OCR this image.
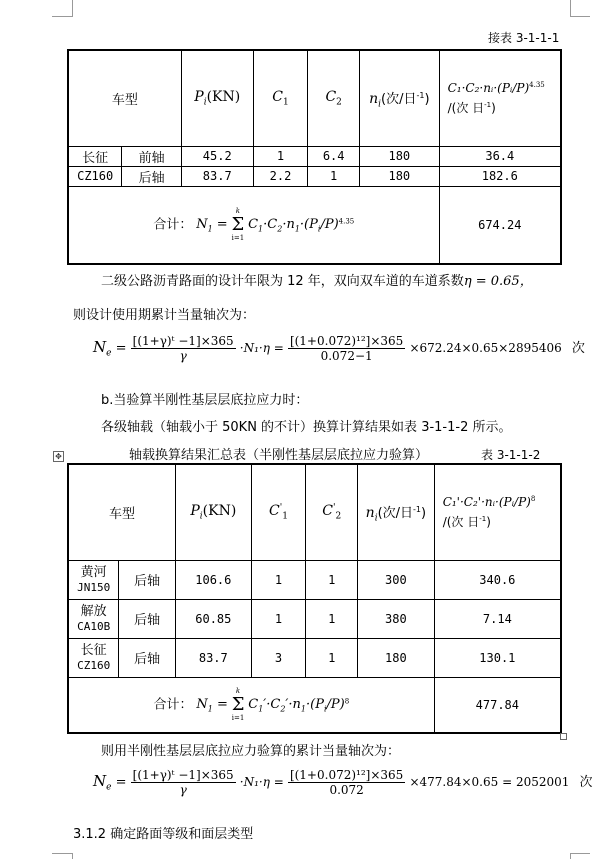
接表 3-1-1-1
车型		$P_i(KN)$	$C_1$	$C_2$	$n_i$(次/日$^{-1}$)	C₁·C₂·nᵢ·(Pᵢ/P)$^{4.35}$
/(次 日$^{-1}$)

长征	前轴	45.2	1	6.4	180	36.4
CZ160	后轴	83.7	2.2	1	180	182.6
合计： $N_1$ =
k
Σ
i=1
$C_1\cdot C_2\cdot n_1\cdot(P_i/P)^{4.35}$						674.24
二级公路沥青路面的设计年限为 12 年，双向双车道的车道系数η = 0.65，
则设计使用期累计当量轴次为：
$N_e = \frac{\text{[(1+γ)ᵗ −1]×365}}{\gamma} \cdot N_1\cdot\eta = \frac{\text{[(1+0.072)¹²]×365}}{0.072-1} \times 672.24\times 0.65\times 2895406$ 次
b.当验算半刚性基层层底拉应力时：
各级轴载（轴载小于 50KN 的不计）换算计算结果如表 3-1-1-2 所示。
✥	轴载换算结果汇总表（半刚性基层层底拉应力验算）	表 3-1-1-2
车型		$P_i(KN)$	$C'_1$	$C'_2$	$n_i$(次/日$^{-1}$)	C₁'·C₂'·nᵢ·(Pᵢ/P)$^8$
/(次 日$^{-1}$)

黄河
JN150	后轴	106.6	1	1	300	340.6

解放
CA10B	后轴	60.85	1	1	380	7.14

长征
CZ160	后轴	83.7	3	1	180	130.1
合计： $N_1$ =
k
Σ
i=1
$C_1'\cdot C_2'\cdot n_1\cdot(P_i/P)^8$						477.84
则用半刚性基层层底拉应力验算的累计当量轴次为：
$N_e = \frac{\text{[(1+γ)ᵗ −1]×365}}{\gamma} \cdot N_1\cdot\eta = \frac{\text{[(1+0.072)¹²]×365}}{0.072} \times 477.84\times 0.65 = 2052001$ 次
3.1.2 确定路面等级和面层类型
